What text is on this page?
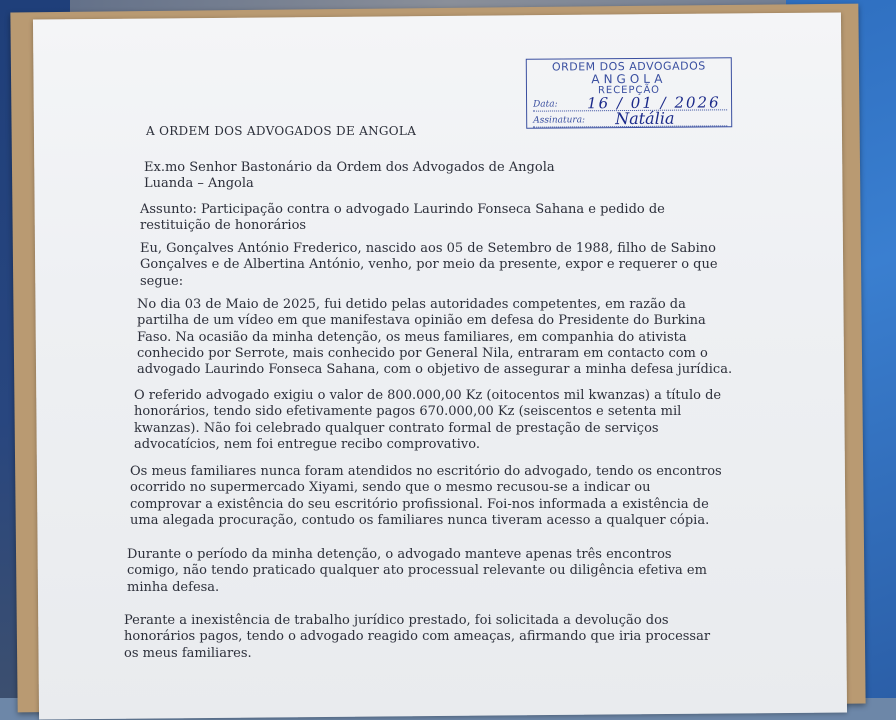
ORDEM DOS ADVOGADOS
ANGOLA
RECEPÇÃO
Data: 16 / 01 / 2026
Assinatura: Natália
A ORDEM DOS ADVOGADOS DE ANGOLA
Ex.mo Senhor Bastonário da Ordem dos Advogados de Angola
Luanda – Angola
Assunto: Participação contra o advogado Laurindo Fonseca Sahana e pedido de
restituição de honorários
Eu, Gonçalves António Frederico, nascido aos 05 de Setembro de 1988, filho de Sabino
Gonçalves e de Albertina António, venho, por meio da presente, expor e requerer o que
segue:
No dia 03 de Maio de 2025, fui detido pelas autoridades competentes, em razão da
partilha de um vídeo em que manifestava opinião em defesa do Presidente do Burkina
Faso. Na ocasião da minha detenção, os meus familiares, em companhia do ativista
conhecido por Serrote, mais conhecido por General Nila, entraram em contacto com o
advogado Laurindo Fonseca Sahana, com o objetivo de assegurar a minha defesa jurídica.
O referido advogado exigiu o valor de 800.000,00 Kz (oitocentos mil kwanzas) a título de
honorários, tendo sido efetivamente pagos 670.000,00 Kz (seiscentos e setenta mil
kwanzas). Não foi celebrado qualquer contrato formal de prestação de serviços
advocatícios, nem foi entregue recibo comprovativo.
Os meus familiares nunca foram atendidos no escritório do advogado, tendo os encontros
ocorrido no supermercado Xiyami, sendo que o mesmo recusou-se a indicar ou
comprovar a existência do seu escritório profissional. Foi-nos informada a existência de
uma alegada procuração, contudo os familiares nunca tiveram acesso a qualquer cópia.
Durante o período da minha detenção, o advogado manteve apenas três encontros
comigo, não tendo praticado qualquer ato processual relevante ou diligência efetiva em
minha defesa.
Perante a inexistência de trabalho jurídico prestado, foi solicitada a devolução dos
honorários pagos, tendo o advogado reagido com ameaças, afirmando que iria processar
os meus familiares.
